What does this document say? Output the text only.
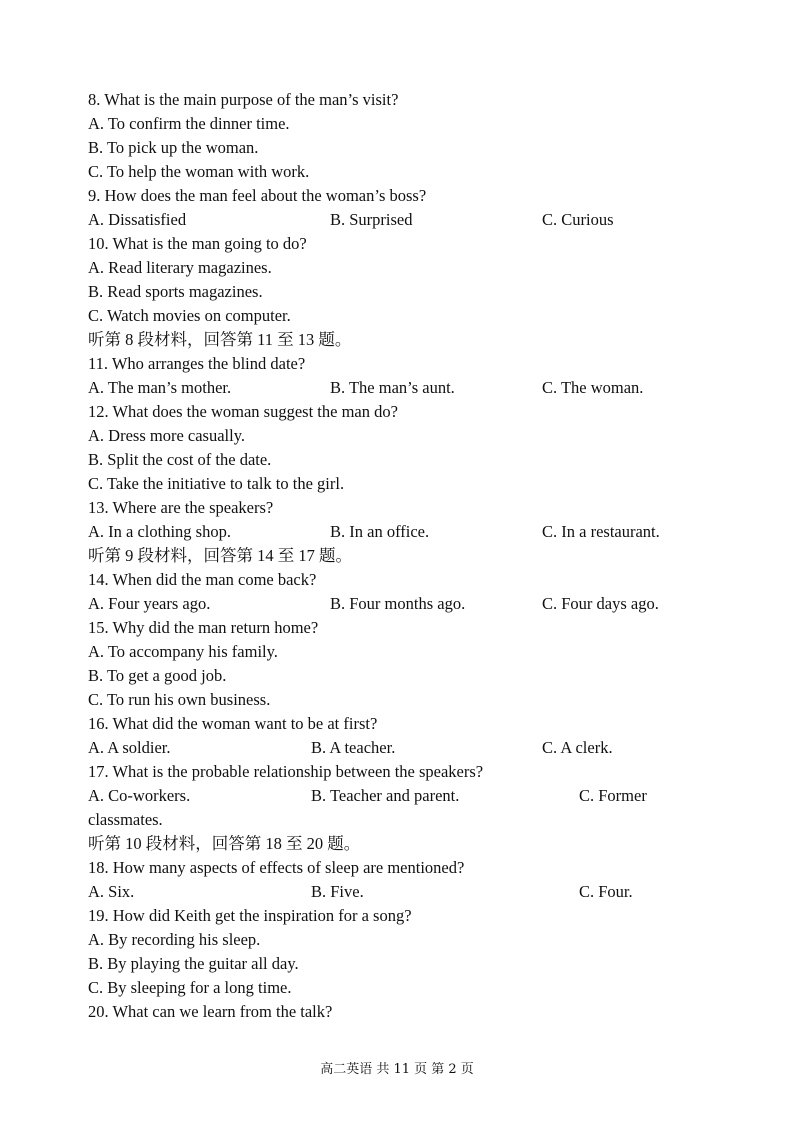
8. What is the main purpose of the man’s visit?
A. To confirm the dinner time.
B. To pick up the woman.
C. To help the woman with work.
9. How does the man feel about the woman’s boss?
A. Dissatisfied	B. Surprised	C. Curious
10. What is the man going to do?
A. Read literary magazines.
B. Read sports magazines.
C. Watch movies on computer.
听第 8 段材料，回答第 11 至 13 题。
11. Who arranges the blind date?
A. The man’s mother.	B. The man’s aunt.	C. The woman.
12. What does the woman suggest the man do?
A. Dress more casually.
B. Split the cost of the date.
C. Take the initiative to talk to the girl.
13. Where are the speakers?
A. In a clothing shop.	B. In an office.	C. In a restaurant.
听第 9 段材料，回答第 14 至 17 题。
14. When did the man come back?
A. Four years ago.	B. Four months ago.	C. Four days ago.
15. Why did the man return home?
A. To accompany his family.
B. To get a good job.
C. To run his own business.
16. What did the woman want to be at first?
A. A soldier.	B. A teacher.	C. A clerk.
17. What is the probable relationship between the speakers?
A. Co-workers.	B. Teacher and parent.	C. Former
classmates.
听第 10 段材料，回答第 18 至 20 题。
18. How many aspects of effects of sleep are mentioned?
A. Six.	B. Five.	C. Four.
19. How did Keith get the inspiration for a song?
A. By recording his sleep.
B. By playing the guitar all day.
C. By sleeping for a long time.
20. What can we learn from the talk?
高二英语 共 11 页 第 2 页
